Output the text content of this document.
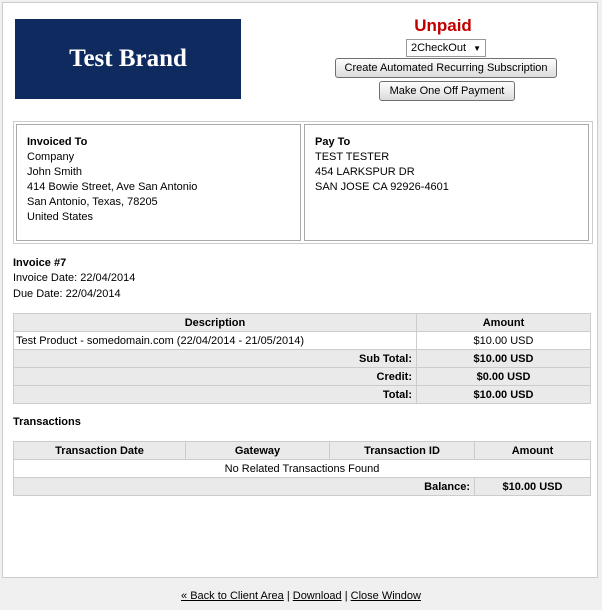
Test Brand
Unpaid
2CheckOut ▼
Create Automated Recurring Subscription
Make One Off Payment
Invoiced To
Company
John Smith
414 Bowie Street, Ave San Antonio
San Antonio, Texas, 78205
United States
Pay To
TEST TESTER
454 LARKSPUR DR
SAN JOSE CA 92926-4601
Invoice #7
Invoice Date: 22/04/2014
Due Date: 22/04/2014
Description	Amount
Test Product - somedomain.com (22/04/2014 - 21/05/2014)	$10.00 USD
Sub Total:	$10.00 USD
Credit:	$0.00 USD
Total:	$10.00 USD
Transactions
Transaction Date	Gateway	Transaction ID	Amount
No Related Transactions Found			
Balance:			$10.00 USD
« Back to Client Area | Download | Close Window
